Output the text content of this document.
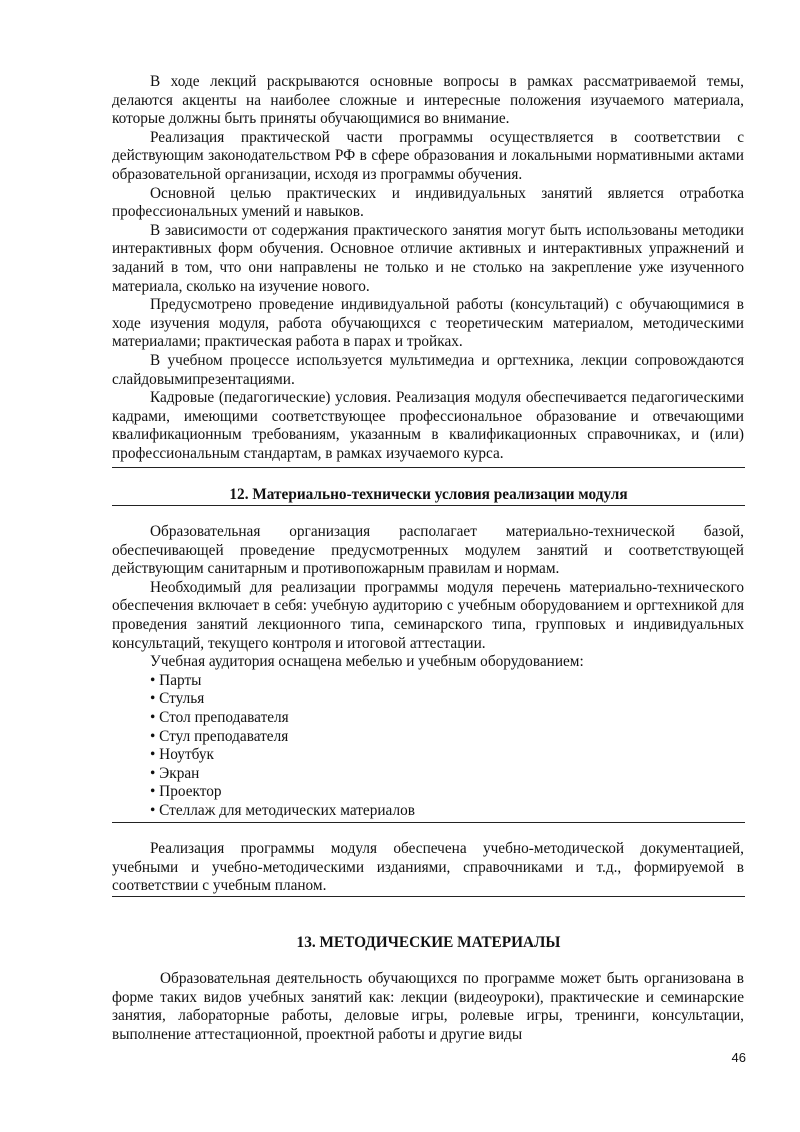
В ходе лекций раскрываются основные вопросы в рамках рассматриваемой темы, делаются акценты на наиболее сложные и интересные положения изучаемого материала, которые должны быть приняты обучающимися во внимание.

Реализация практической части программы осуществляется в соответствии с действующим законодательством РФ в сфере образования и локальными нормативными актами образовательной организации, исходя из программы обучения.

Основной целью практических и индивидуальных занятий является отработка профессиональных умений и навыков.

В зависимости от содержания практического занятия могут быть использованы методики интерактивных форм обучения. Основное отличие активных и интерактивных упражнений и заданий в том, что они направлены не только и не столько на закрепление уже изученного материала, сколько на изучение нового.

Предусмотрено проведение индивидуальной работы (консультаций) с обучающимися в ходе изучения модуля, работа обучающихся с теоретическим материалом, методическими материалами; практическая работа в парах и тройках.

В учебном процессе используется мультимедиа и оргтехника, лекции сопровождаются слайдовымипрезентациями.

Кадровые (педагогические) условия. Реализация модуля обеспечивается педагогическими кадрами, имеющими соответствующее профессиональное образование и отвечающими квалификационным требованиям, указанным в квалификационных справочниках, и (или) профессиональным стандартам, в рамках изучаемого курса.

12. Материально-технически условия реализации модуля

Образовательная организация располагает материально-технической базой, обеспечивающей проведение предусмотренных модулем занятий и соответствующей действующим санитарным и противопожарным правилам и нормам.

Необходимый для реализации программы модуля перечень материально-технического обеспечения включает в себя: учебную аудиторию с учебным оборудованием и оргтехникой для проведения занятий лекционного типа, семинарского типа, групповых и индивидуальных консультаций, текущего контроля и итоговой аттестации.

Учебная аудитория оснащена мебелью и учебным оборудованием:

• Парты

• Стулья

• Стол преподавателя

• Стул преподавателя

• Ноутбук

• Экран

• Проектор

• Стеллаж для методических материалов

Реализация программы модуля обеспечена учебно-методической документацией, учебными и учебно-методическими изданиями, справочниками и т.д., формируемой в соответствии с учебным планом.

13. МЕТОДИЧЕСКИЕ МАТЕРИАЛЫ

Образовательная деятельность обучающихся по программе может быть организована в форме таких видов учебных занятий как: лекции (видеоуроки), практические и семинарские занятия, лабораторные работы, деловые игры, ролевые игры, тренинги, консультации, выполнение аттестационной, проектной работы и другие виды

46
